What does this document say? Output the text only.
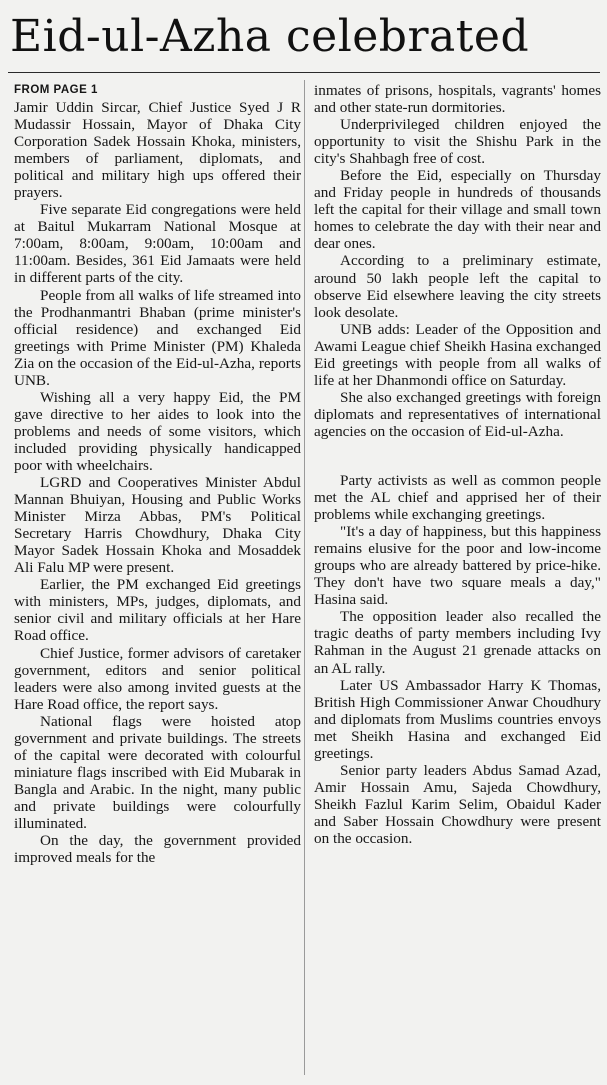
Eid-ul-Azha celebrated
FROM PAGE 1

Jamir Uddin Sircar, Chief Justice Syed J R Mudassir Hossain, Mayor of Dhaka City Corporation Sadek Hossain Khoka, ministers, members of parliament, diplomats, and political and military high ups offered their prayers.

Five separate Eid congregations were held at Baitul Mukarram National Mosque at 7:00am, 8:00am, 9:00am, 10:00am and 11:00am. Besides, 361 Eid Jamaats were held in different parts of the city.

People from all walks of life streamed into the Prodhanmantri Bhaban (prime minister's official residence) and exchanged Eid greetings with Prime Minister (PM) Khaleda Zia on the occasion of the Eid-ul-Azha, reports UNB.

Wishing all a very happy Eid, the PM gave directive to her aides to look into the problems and needs of some visitors, which included providing physically handicapped poor with wheelchairs.

LGRD and Cooperatives Minister Abdul Mannan Bhuiyan, Housing and Public Works Minister Mirza Abbas, PM's Political Secretary Harris Chowdhury, Dhaka City Mayor Sadek Hossain Khoka and Mosaddek Ali Falu MP were present.

Earlier, the PM exchanged Eid greetings with ministers, MPs, judges, diplomats, and senior civil and military officials at her Hare Road office.

Chief Justice, former advisors of caretaker government, editors and senior political leaders were also among invited guests at the Hare Road office, the report says.

National flags were hoisted atop government and private buildings. The streets of the capital were decorated with colourful miniature flags inscribed with Eid Mubarak in Bangla and Arabic. In the night, many public and private buildings were colourfully illuminated.

On the day, the government provided improved meals for the

inmates of prisons, hospitals, vagrants' homes and other state-run dormitories.

Underprivileged children enjoyed the opportunity to visit the Shishu Park in the city's Shahbagh free of cost.

Before the Eid, especially on Thursday and Friday people in hundreds of thousands left the capital for their village and small town homes to celebrate the day with their near and dear ones.

According to a preliminary estimate, around 50 lakh people left the capital to observe Eid elsewhere leaving the city streets look desolate.

UNB adds: Leader of the Opposition and Awami League chief Sheikh Hasina exchanged Eid greetings with people from all walks of life at her Dhanmondi office on Saturday.

She also exchanged greetings with foreign diplomats and representatives of international agencies on the occasion of Eid-ul-Azha.

Party activists as well as common people met the AL chief and apprised her of their problems while exchanging greetings.

"It's a day of happiness, but this happiness remains elusive for the poor and low-income groups who are already battered by price-hike. They don't have two square meals a day," Hasina said.

The opposition leader also recalled the tragic deaths of party members including Ivy Rahman in the August 21 grenade attacks on an AL rally.

Later US Ambassador Harry K Thomas, British High Commissioner Anwar Choudhury and diplomats from Muslims countries envoys met Sheikh Hasina and exchanged Eid greetings.

Senior party leaders Abdus Samad Azad, Amir Hossain Amu, Sajeda Chowdhury, Sheikh Fazlul Karim Selim, Obaidul Kader and Saber Hossain Chowdhury were present on the occasion.
